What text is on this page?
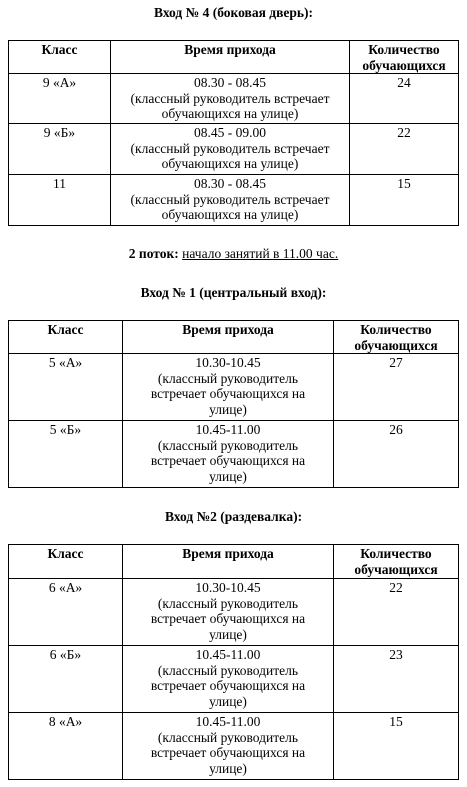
Вход № 4 (боковая дверь):

Класс	Время прихода	Количество
обучающихся
9 «А»	08.30 - 08.45
(классный руководитель встречает
обучающихся на улице)	24
9 «Б»	08.45 - 09.00
(классный руководитель встречает
обучающихся на улице)	22
11	08.30 - 08.45
(классный руководитель встречает
обучающихся на улице)	15

2 поток: начало занятий в 11.00 час.

Вход № 1 (центральный вход):

Класс	Время прихода	Количество
обучающихся
5 «А»	10.30-10.45
(классный руководитель
встречает обучающихся на
улице)	27
5 «Б»	10.45-11.00
(классный руководитель
встречает обучающихся на
улице)	26

Вход №2 (раздевалка):

Класс	Время прихода	Количество
обучающихся
6 «А»	10.30-10.45
(классный руководитель
встречает обучающихся на
улице)	22
6 «Б»	10.45-11.00
(классный руководитель
встречает обучающихся на
улице)	23
8 «А»	10.45-11.00
(классный руководитель
встречает обучающихся на
улице)	15
